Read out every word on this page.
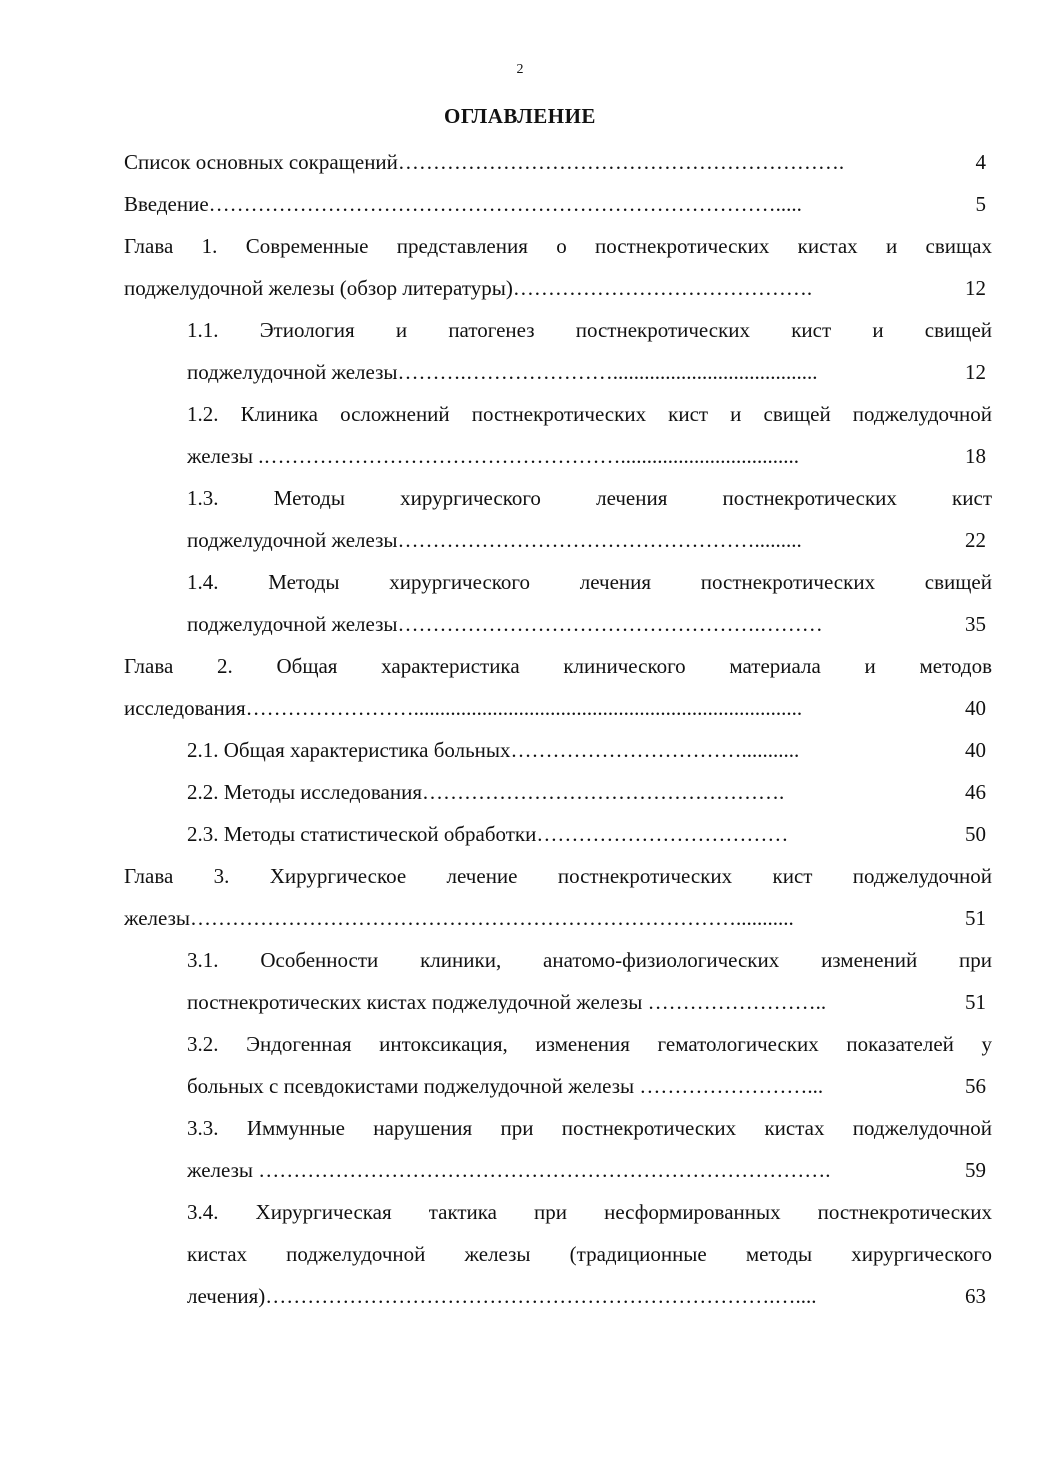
2
ОГЛАВЛЕНИЕ
Список основных сокращений……………………………………………………….	4
Введение……………………………………………………………………….....	5
Глава 1. Современные представления о постнекротических кистах и свищах
поджелудочной железы (обзор литературы)…………………………………….	12
1.1. Этиология и патогенез постнекротических кист и свищей
поджелудочной железы……….………………….......................................	12
1.2. Клиника осложнений постнекротических кист и свищей поджелудочной
железы .……………………………………………..................................	18
1.3. Методы хирургического лечения постнекротических кист
поджелудочной железы…………………………………………….........	22
1.4. Методы хирургического лечения постнекротических свищей
поджелудочной железы…………………………………………….………	35
Глава 2. Общая характеристика клинического материала и методов
исследования……………………..........................................................................	40
2.1. Общая характеристика больных……………………………...........	40
2.2. Методы исследования…………………………………………….	46
2.3. Методы статистической обработки………………………………	50
Глава 3. Хирургическое лечение постнекротических кист поджелудочной
железы……………………………………………………………………...........	51
3.1. Особенности клиники, анатомо-физиологических изменений при
постнекротических кистах поджелудочной железы ……………………..	51
3.2. Эндогенная интоксикация, изменения гематологических показателей у
больных с псевдокистами поджелудочной железы ……………………...	56
3.3. Иммунные нарушения при постнекротических кистах поджелудочной
железы ……………………………………………………………………….	59
3.4. Хирургическая тактика при несформированных постнекротических
кистах поджелудочной железы (традиционные методы хирургического
лечения)……………………………………………………………….…....	63
